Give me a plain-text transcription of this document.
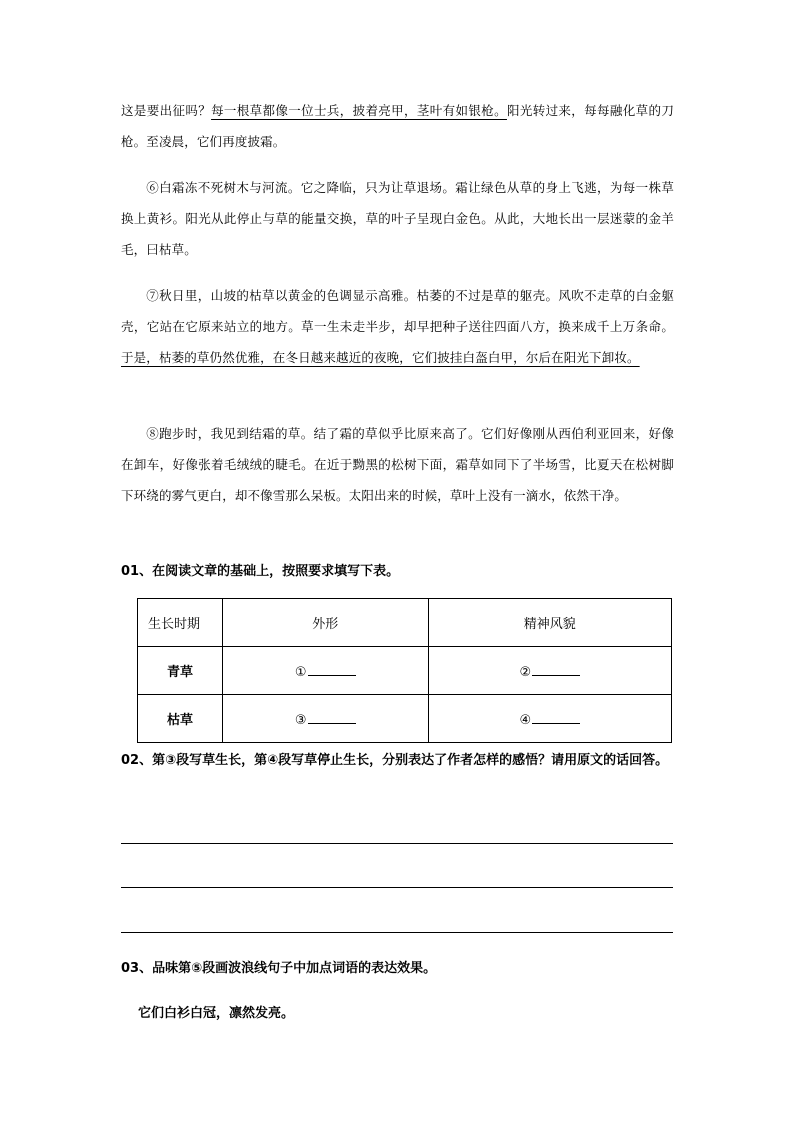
这是要出征吗？每一根草都像一位士兵，披着亮甲，茎叶有如银枪。阳光转过来，每每融化草的刀枪。至凌晨，它们再度披霜。

⑥白霜冻不死树木与河流。它之降临，只为让草退场。霜让绿色从草的身上飞逃，为每一株草换上黄衫。阳光从此停止与草的能量交换，草的叶子呈现白金色。从此，大地长出一层迷蒙的金羊毛，曰枯草。

⑦秋日里，山坡的枯草以黄金的色调显示高雅。枯萎的不过是草的躯壳。风吹不走草的白金躯壳，它站在它原来站立的地方。草一生未走半步，却早把种子送往四面八方，换来成千上万条命。于是，枯萎的草仍然优雅，在冬日越来越近的夜晚，它们披挂白盔白甲，尔后在阳光下卸妆。

⑧跑步时，我见到结霜的草。结了霜的草似乎比原来高了。它们好像刚从西伯利亚回来，好像在卸车，好像张着毛绒绒的睫毛。在近于黝黑的松树下面，霜草如同下了半场雪，比夏天在松树脚下环绕的雾气更白，却不像雪那么呆板。太阳出来的时候，草叶上没有一滴水，依然干净。

01、在阅读文章的基础上，按照要求填写下表。

生长时期	外形	精神风貌
青草	①	②
枯草	③	④

02、第③段写草生长，第④段写草停止生长，分别表达了作者怎样的感悟？请用原文的话回答。

03、品味第⑤段画波浪线句子中加点词语的表达效果。

它们白衫白冠，凛然发亮。
